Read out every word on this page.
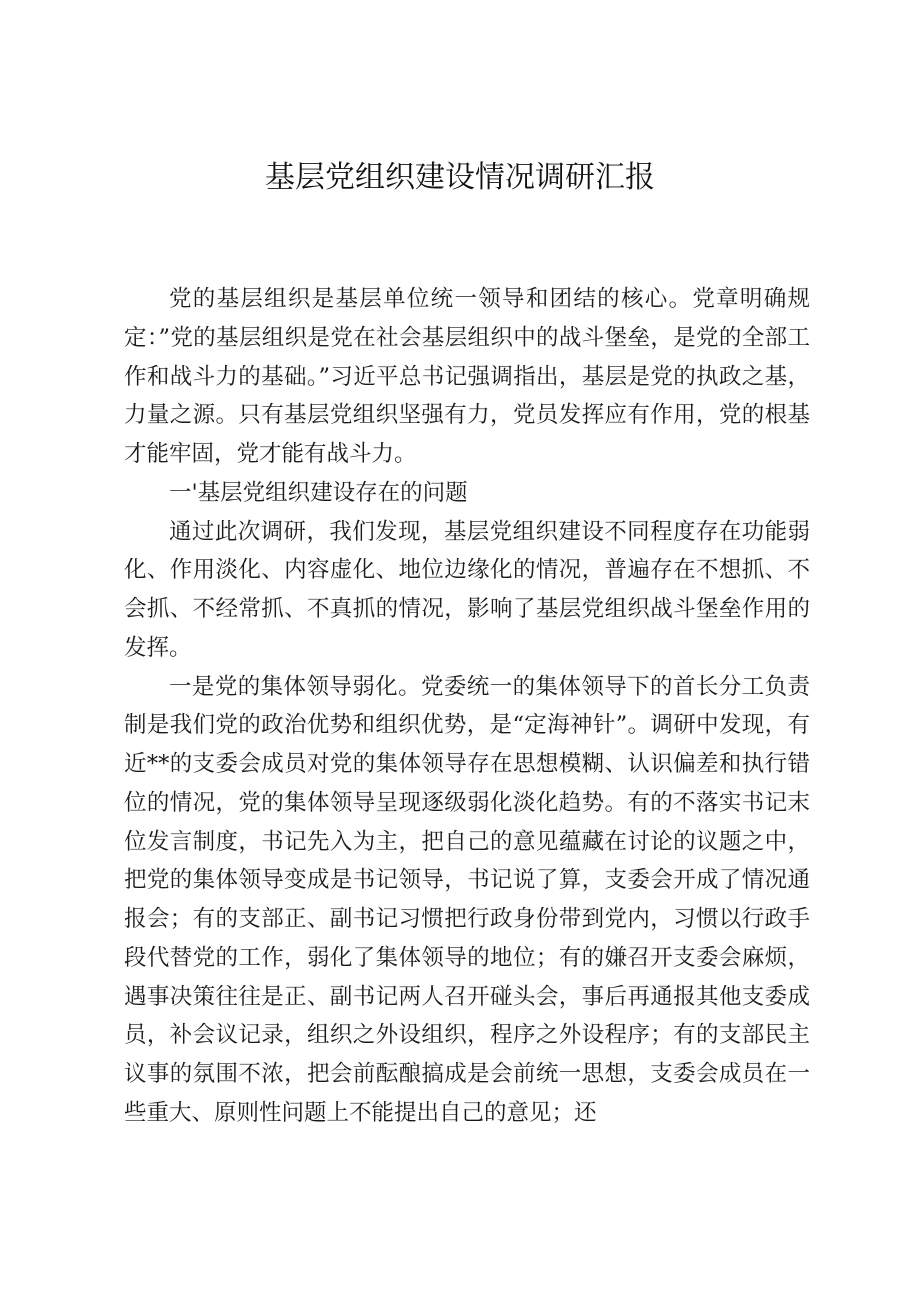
基层党组织建设情况调研汇报

党的基层组织是基层单位统一领导和团结的核心。党章明确规定：”党的基层组织是党在社会基层组织中的战斗堡垒，是党的全部工作和战斗力的基础。”习近平总书记强调指出，基层是党的执政之基，力量之源。只有基层党组织坚强有力，党员发挥应有作用，党的根基才能牢固，党才能有战斗力。

一'基层党组织建设存在的问题

通过此次调研，我们发现，基层党组织建设不同程度存在功能弱化、作用淡化、内容虚化、地位边缘化的情况，普遍存在不想抓、不会抓、不经常抓、不真抓的情况，影响了基层党组织战斗堡垒作用的发挥。

一是党的集体领导弱化。党委统一的集体领导下的首长分工负责制是我们党的政治优势和组织优势，是“定海神针”。调研中发现，有近**的支委会成员对党的集体领导存在思想模糊、认识偏差和执行错位的情况，党的集体领导呈现逐级弱化淡化趋势。有的不落实书记末位发言制度，书记先入为主，把自己的意见蕴藏在讨论的议题之中，把党的集体领导变成是书记领导，书记说了算，支委会开成了情况通报会；有的支部正、副书记习惯把行政身份带到党内，习惯以行政手段代替党的工作，弱化了集体领导的地位；有的嫌召开支委会麻烦，遇事决策往往是正、副书记两人召开碰头会，事后再通报其他支委成员，补会议记录，组织之外设组织，程序之外设程序；有的支部民主议事的氛围不浓，把会前酝酿搞成是会前统一思想，支委会成员在一些重大、原则性问题上不能提出自己的意见；还
